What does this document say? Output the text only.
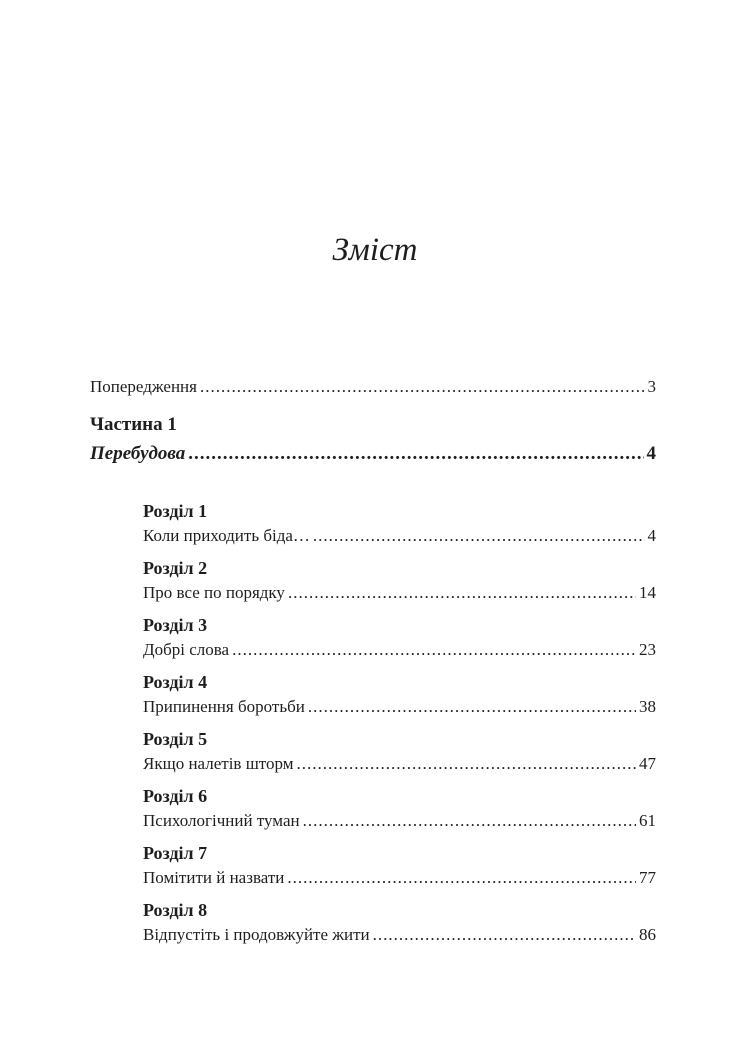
Зміст
Попередження .....	3
Частина 1
Перебудова .....	4
Розділ 1
Коли приходить біда… .....	4
Розділ 2
Про все по порядку .....	14
Розділ 3
Добрі слова .....	23
Розділ 4
Припинення боротьби .....	38
Розділ 5
Якщо налетів шторм .....	47
Розділ 6
Психологічний туман .....	61
Розділ 7
Помітити й назвати .....	77
Розділ 8
Відпустіть і продовжуйте жити .....	86
